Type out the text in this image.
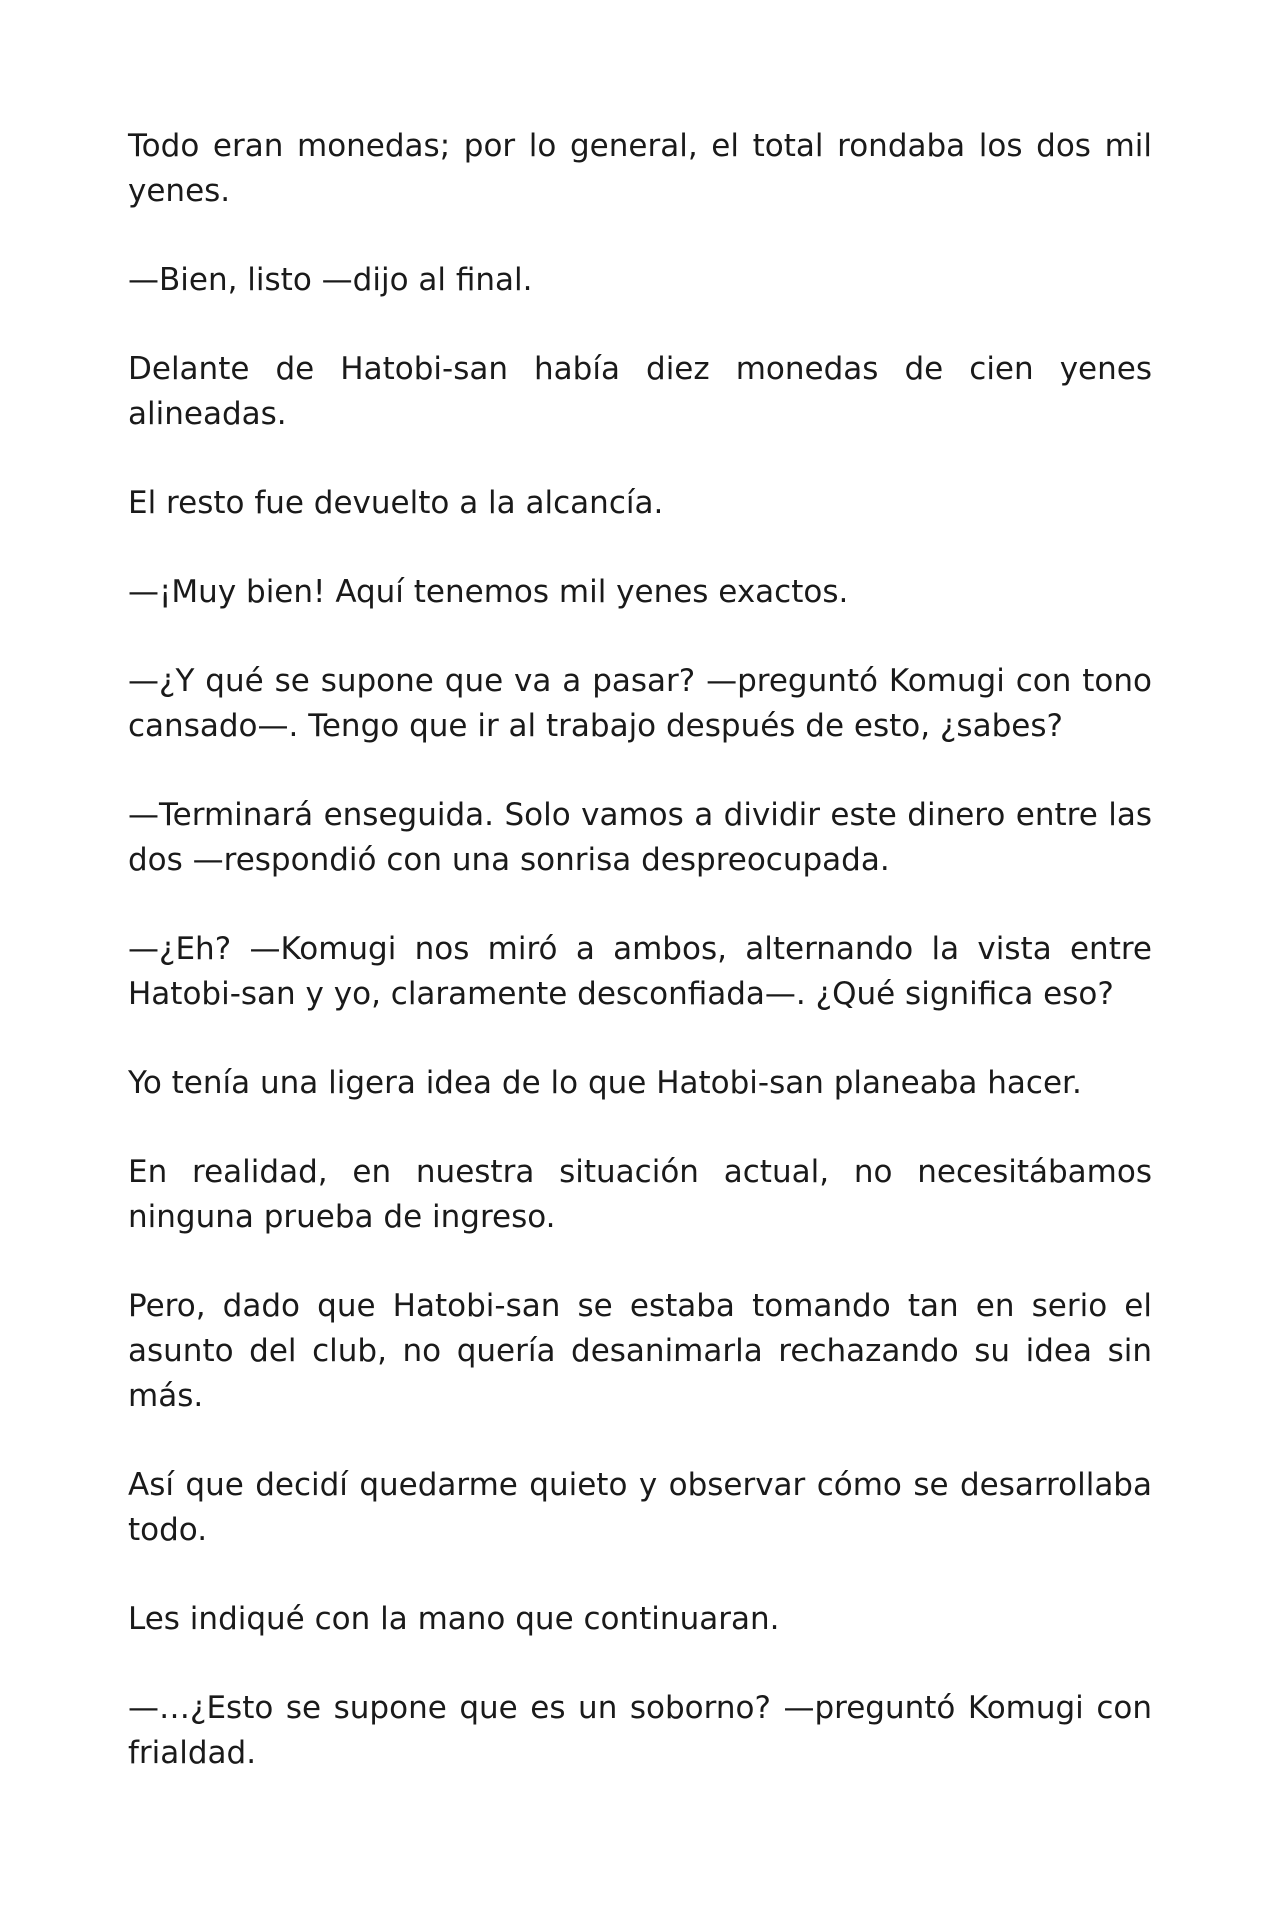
Todo eran monedas; por lo general, el total rondaba los dos mil yenes.

—Bien, listo —dijo al final.

Delante de Hatobi-san había diez monedas de cien yenes alineadas.

El resto fue devuelto a la alcancía.

—¡Muy bien! Aquí tenemos mil yenes exactos.

—¿Y qué se supone que va a pasar? —preguntó Komugi con tono cansado—. Tengo que ir al trabajo después de esto, ¿sabes?

—Terminará enseguida. Solo vamos a dividir este dinero entre las dos —respondió con una sonrisa despreocupada.

—¿Eh? —Komugi nos miró a ambos, alternando la vista entre Hatobi-san y yo, claramente desconfiada—. ¿Qué significa eso?

Yo tenía una ligera idea de lo que Hatobi-san planeaba hacer.

En realidad, en nuestra situación actual, no necesitábamos ninguna prueba de ingreso.

Pero, dado que Hatobi-san se estaba tomando tan en serio el asunto del club, no quería desanimarla rechazando su idea sin más.

Así que decidí quedarme quieto y observar cómo se desarrollaba todo.

Les indiqué con la mano que continuaran.

—…¿Esto se supone que es un soborno? —preguntó Komugi con frialdad.
